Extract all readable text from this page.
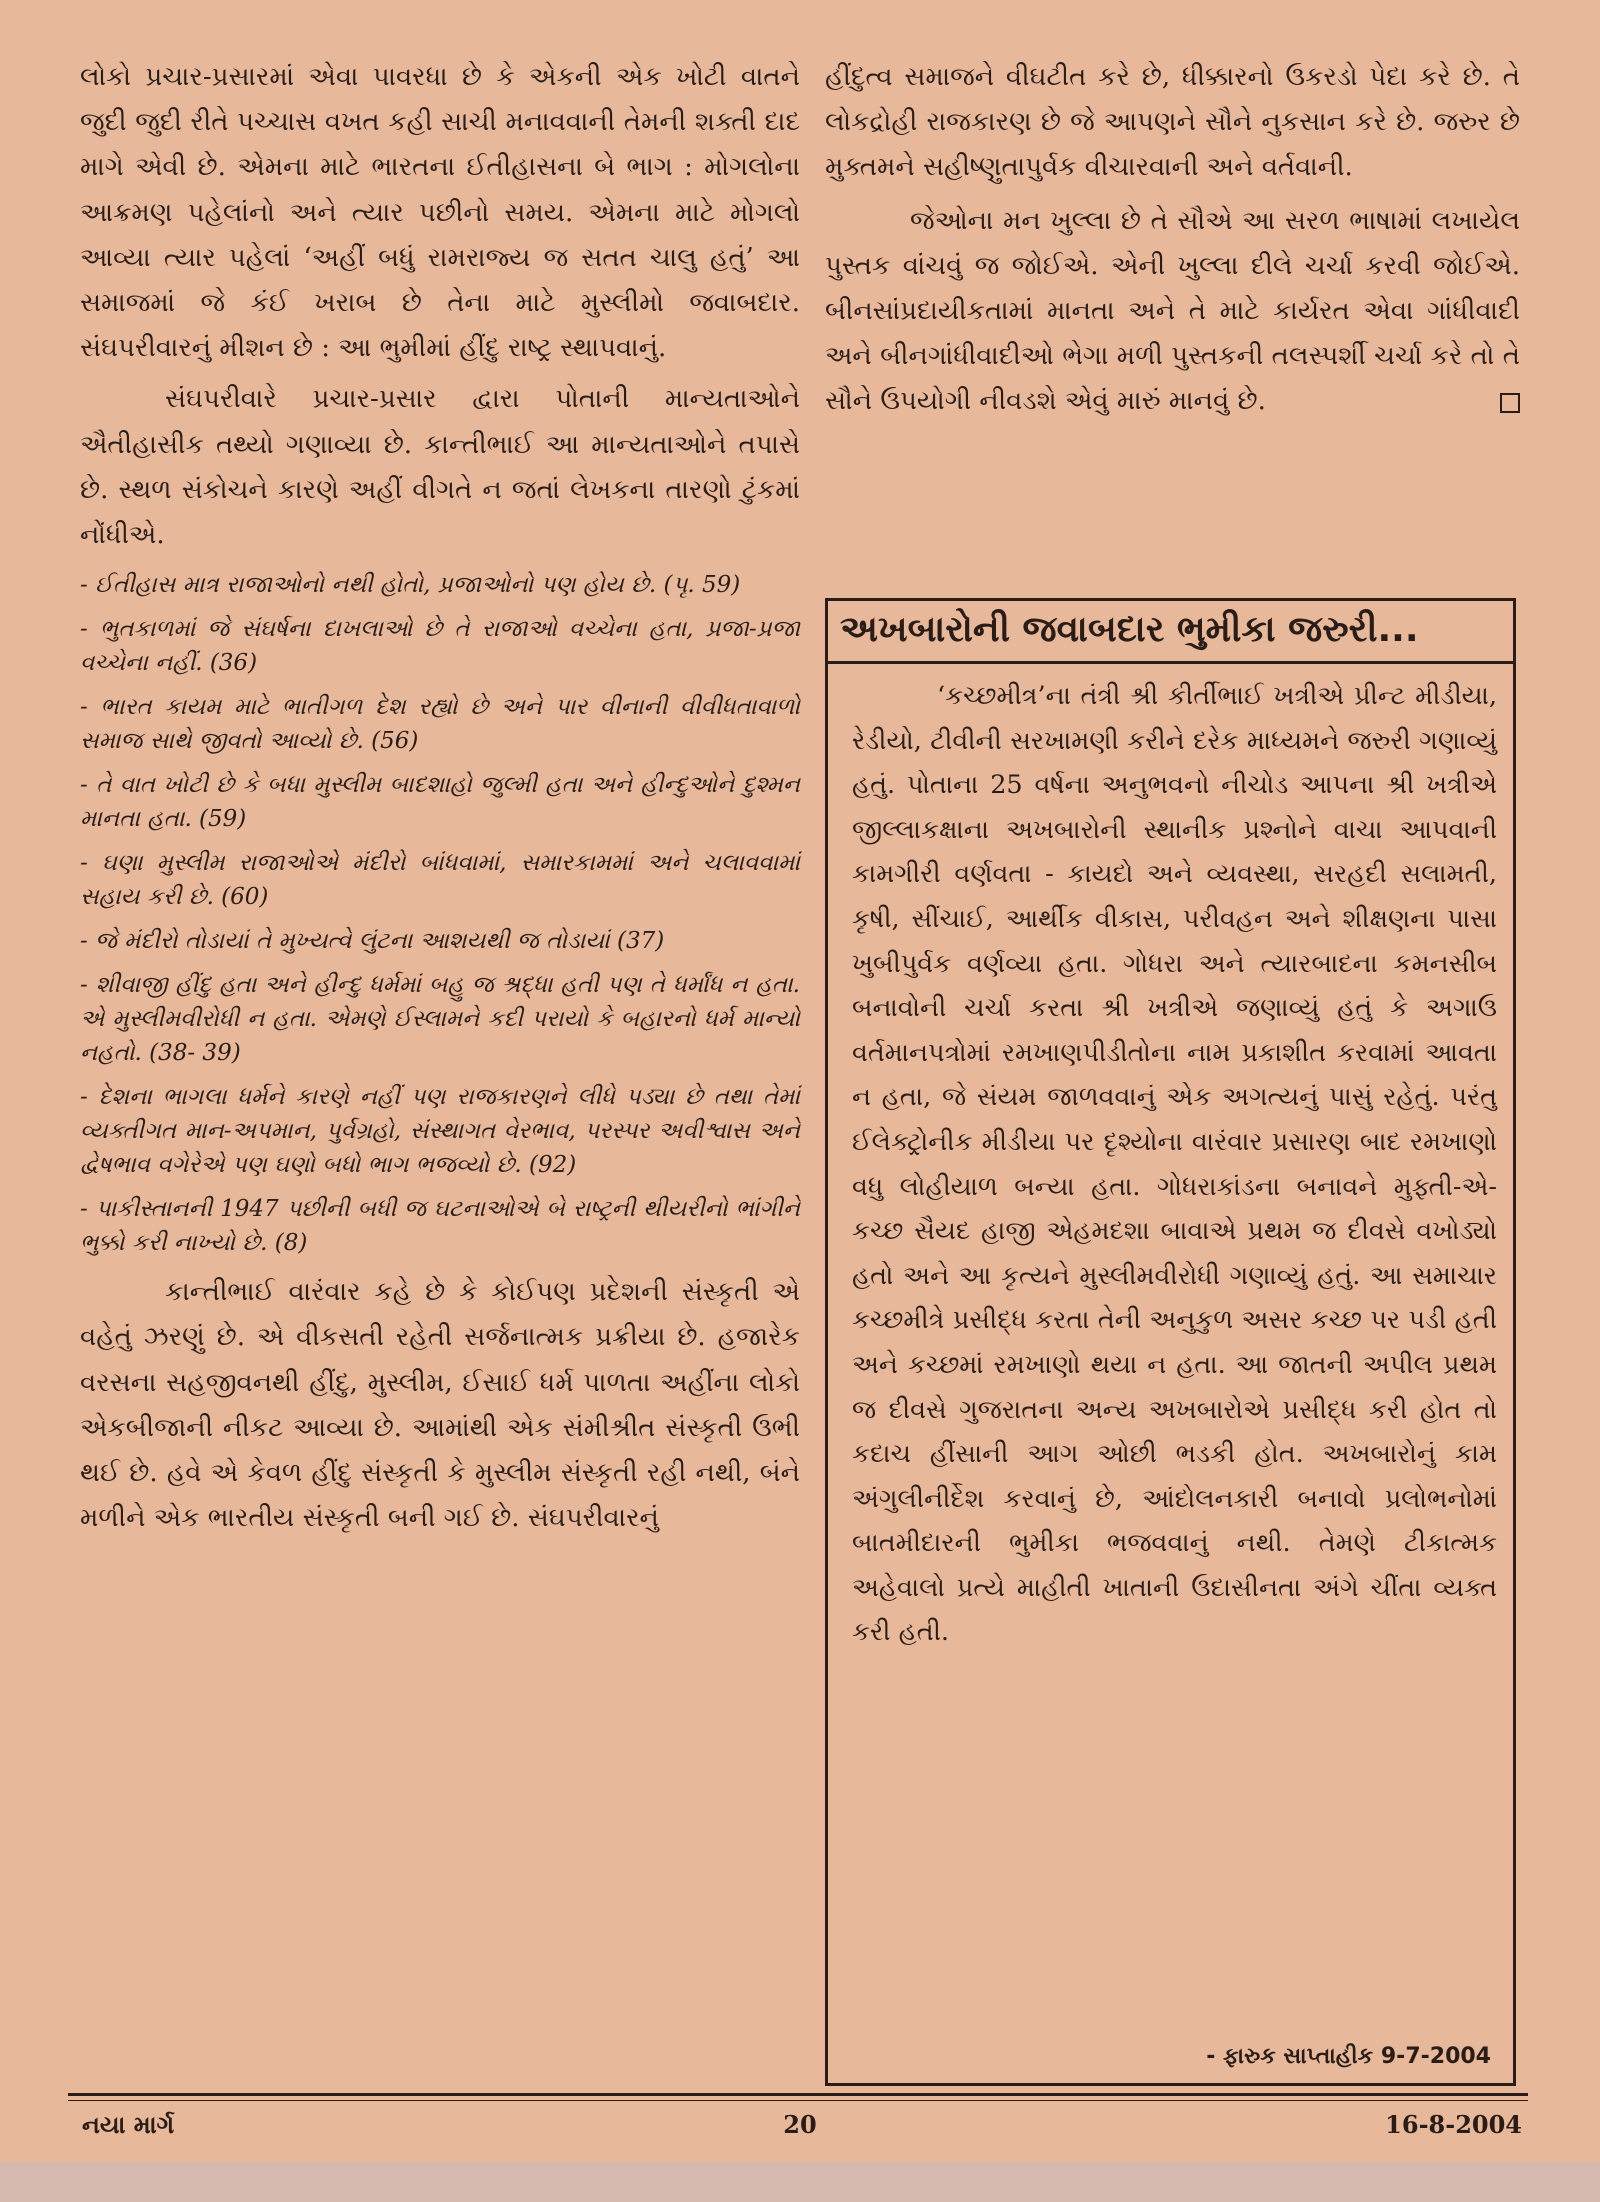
લોકો પ્રચાર-પ્રસારમાં એવા પાવરધા છે કે એકની એક ખોટી વાતને જુદી જુદી રીતે પચ્ચાસ વખત કહી સાચી મનાવવાની તેમની શક્તી દાદ માગે એવી છે. એમના માટે ભારતના ઈતીહાસના બે ભાગ : મોગલોના આક્રમણ પહેલાંનો અને ત્યાર પછીનો સમય. એમના માટે મોગલો આવ્યા ત્યાર પહેલાં ‘અહીં બધું રામરાજ્ય જ સતત ચાલુ હતું’ આ સમાજમાં જે કંઈ ખરાબ છે તેના માટે મુસ્લીમો જવાબદાર. સંઘપરીવારનું મીશન છે : આ ભુમીમાં હીંદુ રાષ્ટ્ર સ્થાપવાનું.

સંઘપરીવારે પ્રચાર-પ્રસાર દ્વારા પોતાની માન્યતાઓને ઐતીહાસીક તથ્યો ગણાવ્યા છે. કાન્તીભાઈ આ માન્યતાઓને તપાસે છે. સ્થળ સંકોચને કારણે અહીં વીગતે ન જતાં લેખકના તારણો ટુંકમાં નોંધીએ.

- ઈતીહાસ માત્ર રાજાઓનો નથી હોતો, પ્રજાઓનો પણ હોય છે. (પૃ. 59)
- ભુતકાળમાં જે સંઘર્ષના દાખલાઓ છે તે રાજાઓ વચ્ચેના હતા, પ્રજા-પ્રજા વચ્ચેના નહીં. (36)
- ભારત કાયમ માટે ભાતીગળ દેશ રહ્યો છે અને પાર વીનાની વીવીધતાવાળો સમાજ સાથે જીવતો આવ્યો છે. (56)
- તે વાત ખોટી છે કે બધા મુસ્લીમ બાદશાહો જુલ્મી હતા અને હીન્દુઓને દુશ્મન માનતા હતા. (59)
- ઘણા મુસ્લીમ રાજાઓએ મંદીરો બાંધવામાં, સમારકામમાં અને ચલાવવામાં સહાય કરી છે. (60)
- જે મંદીરો તોડાયાં તે મુખ્યત્વે લુંટના આશયથી જ તોડાયાં (37)
- શીવાજી હીંદુ હતા અને હીન્દુ ધર્મમાં બહુ જ શ્રદ્ધા હતી પણ તે ધર્માંધ ન હતા. એ મુસ્લીમવીરોધી ન હતા. એમણે ઈસ્લામને કદી પરાયો કે બહારનો ધર્મ માન્યો નહતો. (38- 39)
- દેશના ભાગલા ધર્મને કારણે નહીં પણ રાજકારણને લીધે પડ્યા છે તથા તેમાં વ્યક્તીગત માન-અપમાન, પુર્વગ્રહો, સંસ્થાગત વેરભાવ, પરસ્પર અવીશ્વાસ અને દ્વેષભાવ વગેરેએ પણ ઘણો બધો ભાગ ભજવ્યો છે. (92)
- પાકીસ્તાનની 1947 પછીની બધી જ ઘટનાઓએ બે રાષ્ટ્રની થીયરીનો ભાંગીને ભુક્કો કરી નાખ્યો છે. (8)

કાન્તીભાઈ વારંવાર કહે છે કે કોઈપણ પ્રદેશની સંસ્કૃતી એ વહેતું ઝરણું છે. એ વીકસતી રહેતી સર્જનાત્મક પ્રક્રીયા છે. હજારેક વરસના સહજીવનથી હીંદુ, મુસ્લીમ, ઈસાઈ ધર્મ પાળતા અહીંના લોકો એકબીજાની નીકટ આવ્યા છે. આમાંથી એક સંમીશ્રીત સંસ્કૃતી ઉભી થઈ છે. હવે એ કેવળ હીંદુ સંસ્કૃતી કે મુસ્લીમ સંસ્કૃતી રહી નથી, બંને મળીને એક ભારતીય સંસ્કૃતી બની ગઈ છે. સંઘપરીવારનું

હીંદુત્વ સમાજને વીઘટીત કરે છે, ધીક્કારનો ઉકરડો પેદા કરે છે. તે લોકદ્રોહી રાજકારણ છે જે આપણને સૌને નુકસાન કરે છે. જરુર છે મુક્તમને સહીષ્ણુતાપુર્વક વીચારવાની અને વર્તવાની.

જેઓના મન ખુલ્લા છે તે સૌએ આ સરળ ભાષામાં લખાયેલ પુસ્તક વાંચવું જ જોઈએ. એની ખુલ્લા દીલે ચર્ચા કરવી જોઈએ. બીનસાંપ્રદાયીકતામાં માનતા અને તે માટે કાર્યરત એવા ગાંધીવાદી અને બીનગાંધીવાદીઓ ભેગા મળી પુસ્તકની તલસ્પર્શી ચર્ચા કરે તો તે સૌને ઉપયોગી નીવડશે એવું મારું માનવું છે.

અખબારોની જવાબદાર ભુમીકા જરુરી...

‘કચ્છમીત્ર’ના તંત્રી શ્રી કીર્તીભાઈ ખત્રીએ પ્રીન્ટ મીડીયા, રેડીયો, ટીવીની સરખામણી કરીને દરેક માધ્યમને જરુરી ગણાવ્યું હતું. પોતાના 25 વર્ષના અનુભવનો નીચોડ આપના શ્રી ખત્રીએ જીલ્લાકક્ષાના અખબારોની સ્થાનીક પ્રશ્નોને વાચા આપવાની કામગીરી વર્ણવતા - કાયદો અને વ્યવસ્થા, સરહદી સલામતી, કૃષી, સીંચાઈ, આર્થીક વીકાસ, પરીવહન અને શીક્ષણના પાસા ખુબીપુર્વક વર્ણવ્યા હતા. ગોધરા અને ત્યારબાદના કમનસીબ બનાવોની ચર્ચા કરતા શ્રી ખત્રીએ જણાવ્યું હતું કે અગાઉ વર્તમાનપત્રોમાં રમખાણપીડીતોના નામ પ્રકાશીત કરવામાં આવતા ન હતા, જે સંયમ જાળવવાનું એક અગત્યનું પાસું રહેતું. પરંતુ ઈલેક્ટ્રોનીક મીડીયા પર દૃશ્યોના વારંવાર પ્રસારણ બાદ રમખાણો વધુ લોહીયાળ બન્યા હતા. ગોધરાકાંડના બનાવને મુફ્તી-એ-કચ્છ સૈયદ હાજી એહમદશા બાવાએ પ્રથમ જ દીવસે વખોડ્યો હતો અને આ કૃત્યને મુસ્લીમવીરોધી ગણાવ્યું હતું. આ સમાચાર કચ્છમીત્રે પ્રસીદ્ધ કરતા તેની અનુકુળ અસર કચ્છ પર પડી હતી અને કચ્છમાં રમખાણો થયા ન હતા. આ જાતની અપીલ પ્રથમ જ દીવસે ગુજરાતના અન્ય અખબારોએ પ્રસીદ્ધ કરી હોત તો કદાચ હીંસાની આગ ઓછી ભડકી હોત. અખબારોનું કામ અંગુલીનીર્દેશ કરવાનું છે, આંદોલનકારી બનાવો પ્રલોભનોમાં બાતમીદારની ભુમીકા ભજવવાનું નથી. તેમણે ટીકાત્મક અહેવાલો પ્રત્યે માહીતી ખાતાની ઉદાસીનતા અંગે ચીંતા વ્યક્ત કરી હતી.

- ફારુક સાપ્તાહીક 9-7-2004
નયા માર્ગ	20	16-8-2004
